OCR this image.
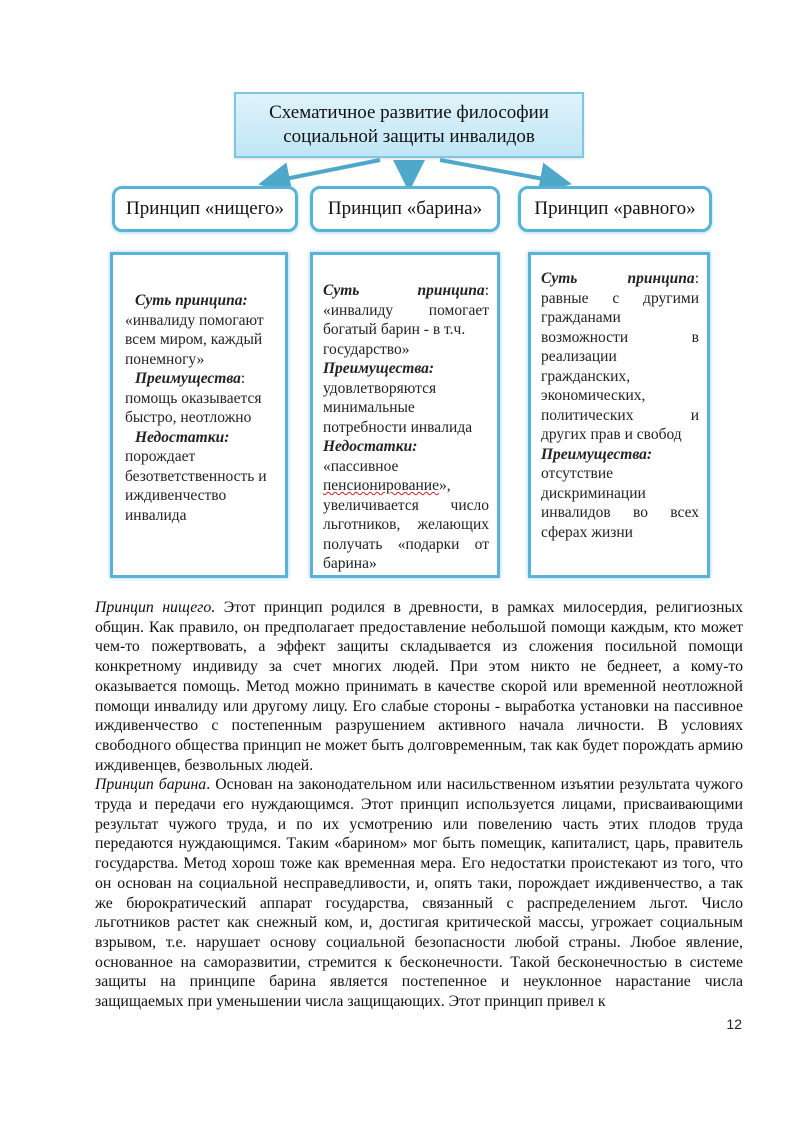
Схематичное развитие философии
социальной защиты инвалидов
Принцип «нищего» Принцип «барина»	Принцип «равного»
Суть принципа:
«инвалиду помогают
всем миром, каждый
понемногу»
Преимущества:
помощь оказывается
быстро, неотложно
Недостатки:
порождает
безответственность и
иждивенчество
инвалида
Суть	принципа:
«инвалиду помогает
богатый барин - в т.ч.
государство»
Преимущества:
удовлетворяются
минимальные
потребности инвалида
Недостатки:
«пассивное
пенсионирование»,
увеличивается число
льготников, желающих
получать «подарки от
барина»
Суть	принципа:
равные с другими
гражданами
возможности в
реализации
гражданских,
экономических,
политических и
других прав и свобод
Преимущества:
отсутствие
дискриминации
инвалидов во всех
сферах жизни

Принцип нищего. Этот принцип родился в древности, в рамках милосердия, религиозных общин. Как правило, он предполагает предоставление небольшой помощи каждым, кто может чем-то пожертвовать, а эффект защиты складывается из сложения посильной помощи конкретному индивиду за счет многих людей. При этом никто не беднеет, а кому-то оказывается помощь. Метод можно принимать в качестве скорой или временной неотложной помощи инвалиду или другому лицу. Его слабые стороны - выработка установки на пассивное иждивенчество с постепенным разрушением активного начала личности. В условиях свободного общества принцип не может быть долговременным, так как будет порождать армию иждивенцев, безвольных людей.

Принцип барина. Основан на законодательном или насильственном изъятии результата чужого труда и передачи его нуждающимся. Этот принцип используется лицами, присваивающими результат чужого труда, и по их усмотрению или повелению часть этих плодов труда передаются нуждающимся. Таким «барином» мог быть помещик, капиталист, царь, правитель государства. Метод хорош тоже как временная мера. Его недостатки проистекают из того, что он основан на социальной несправедливости, и, опять таки, порождает иждивенчество, а так же бюрократический аппарат государства, связанный с распределением льгот. Число льготников растет как снежный ком, и, достигая критической массы, угрожает социальным взрывом, т.е. нарушает основу социальной безопасности любой страны. Любое явление, основанное на саморазвитии, стремится к бесконечности. Такой бесконечностью в системе защиты на принципе барина является постепенное и неуклонное нарастание числа защищаемых при уменьшении числа защищающих. Этот принцип привел к

12
